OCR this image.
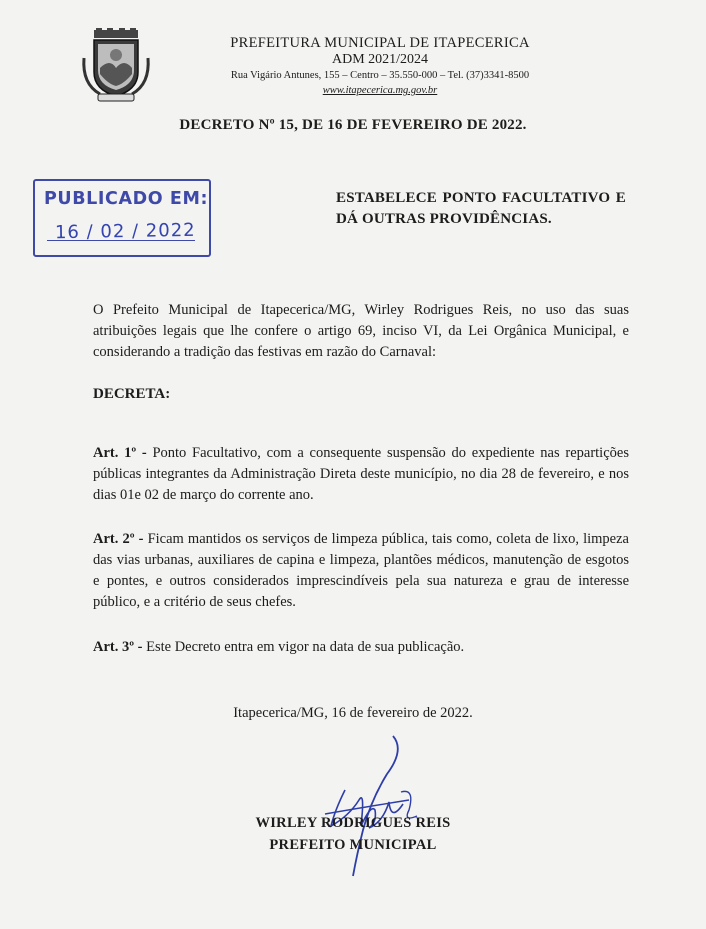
PREFEITURA MUNICIPAL DE ITAPECERICA
ADM 2021/2024
Rua Vigário Antunes, 155 – Centro – 35.550-000 – Tel. (37)3341-8500
www.itapecerica.mg.gov.br
DECRETO Nº 15, DE 16 DE FEVEREIRO DE 2022.
PUBLICADO EM:
16 / 02 / 2022
ESTABELECE PONTO FACULTATIVO E DÁ OUTRAS PROVIDÊNCIAS.

O Prefeito Municipal de Itapecerica/MG, Wirley Rodrigues Reis, no uso das suas atribuições legais que lhe confere o artigo 69, inciso VI, da Lei Orgânica Municipal, e considerando a tradição das festivas em razão do Carnaval:

DECRETA:

Art. 1º - Ponto Facultativo, com a consequente suspensão do expediente nas repartições públicas integrantes da Administração Direta deste município, no dia 28 de fevereiro, e nos dias 01e 02 de março do corrente ano.

Art. 2º - Ficam mantidos os serviços de limpeza pública, tais como, coleta de lixo, limpeza das vias urbanas, auxiliares de capina e limpeza, plantões médicos, manutenção de esgotos e pontes, e outros considerados imprescindíveis pela sua natureza e grau de interesse público, e a critério de seus chefes.

Art. 3º - Este Decreto entra em vigor na data de sua publicação.

Itapecerica/MG, 16 de fevereiro de 2022.
WIRLEY RODRIGUES REIS
PREFEITO MUNICIPAL
